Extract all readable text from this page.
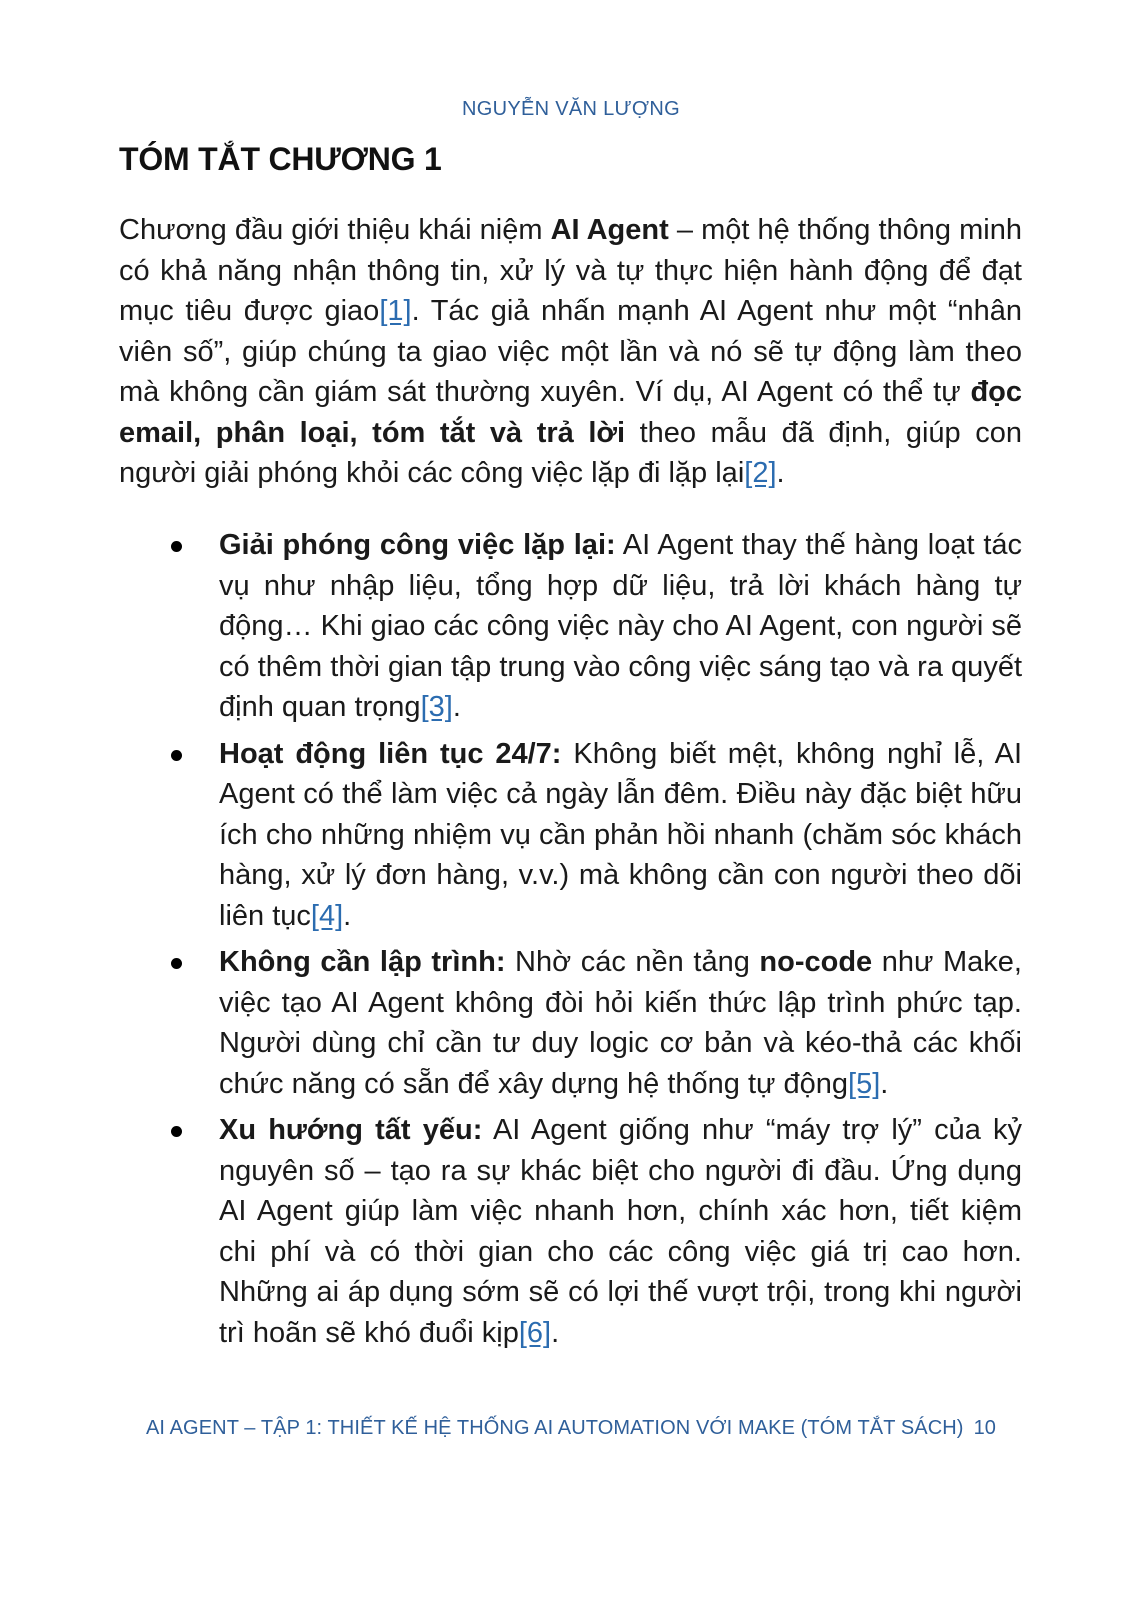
NGUYỄN VĂN LƯỢNG
TÓM TẮT CHƯƠNG 1

Chương đầu giới thiệu khái niệm AI Agent – một hệ thống thông minh có khả năng nhận thông tin, xử lý và tự thực hiện hành động để đạt mục tiêu được giao[1]. Tác giả nhấn mạnh AI Agent như một “nhân viên số”, giúp chúng ta giao việc một lần và nó sẽ tự động làm theo mà không cần giám sát thường xuyên. Ví dụ, AI Agent có thể tự đọc email, phân loại, tóm tắt và trả lời theo mẫu đã định, giúp con người giải phóng khỏi các công việc lặp đi lặp lại[2].

Giải phóng công việc lặp lại: AI Agent thay thế hàng loạt tác vụ như nhập liệu, tổng hợp dữ liệu, trả lời khách hàng tự động… Khi giao các công việc này cho AI Agent, con người sẽ có thêm thời gian tập trung vào công việc sáng tạo và ra quyết định quan trọng[3].
Hoạt động liên tục 24/7: Không biết mệt, không nghỉ lễ, AI Agent có thể làm việc cả ngày lẫn đêm. Điều này đặc biệt hữu ích cho những nhiệm vụ cần phản hồi nhanh (chăm sóc khách hàng, xử lý đơn hàng, v.v.) mà không cần con người theo dõi liên tục[4].
Không cần lập trình: Nhờ các nền tảng no-code như Make, việc tạo AI Agent không đòi hỏi kiến thức lập trình phức tạp. Người dùng chỉ cần tư duy logic cơ bản và kéo-thả các khối chức năng có sẵn để xây dựng hệ thống tự động[5].
Xu hướng tất yếu: AI Agent giống như “máy trợ lý” của kỷ nguyên số – tạo ra sự khác biệt cho người đi đầu. Ứng dụng AI Agent giúp làm việc nhanh hơn, chính xác hơn, tiết kiệm chi phí và có thời gian cho các công việc giá trị cao hơn. Những ai áp dụng sớm sẽ có lợi thế vượt trội, trong khi người trì hoãn sẽ khó đuổi kịp[6].
AI AGENT – TẬP 1: THIẾT KẾ HỆ THỐNG AI AUTOMATION VỚI MAKE (TÓM TẮT SÁCH) 10
